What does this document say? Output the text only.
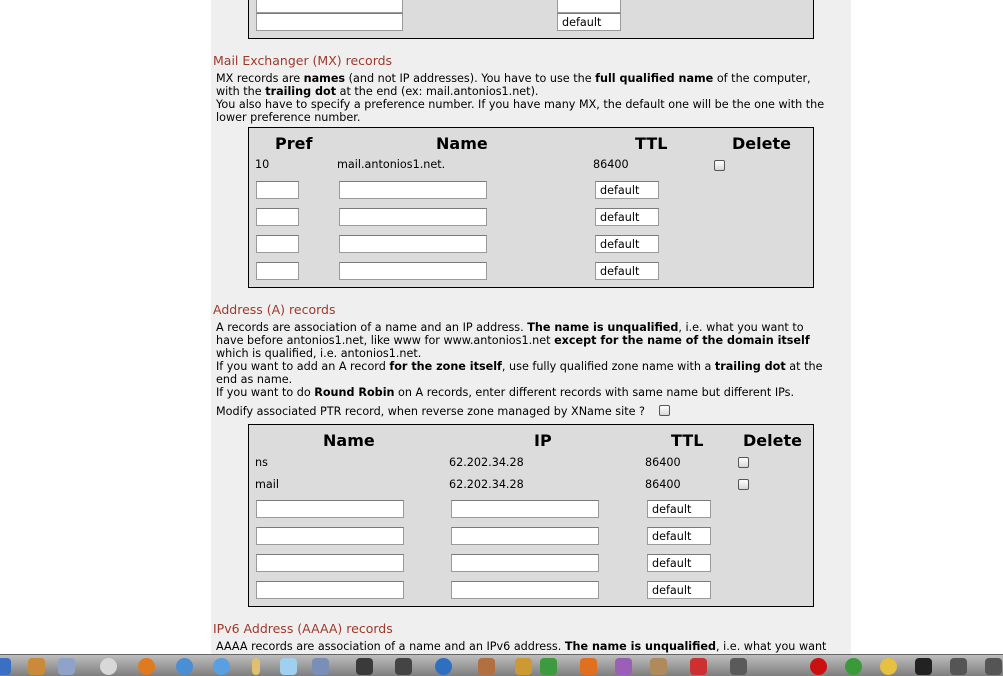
default
Mail Exchanger (MX) records
MX records are names (and not IP addresses). You have to use the full qualified name of the computer,
with the trailing dot at the end (ex: mail.antonios1.net).
You also have to specify a preference number. If you have many MX, the default one will be the one with the
lower preference number.
Pref	Name	TTL	Delete
10	mail.antonios1.net.	86400
default
default
default
default
Address (A) records
A records are association of a name and an IP address. The name is unqualified, i.e. what you want to
have before antonios1.net, like www for www.antonios1.net except for the name of the domain itself
which is qualified, i.e. antonios1.net.
If you want to add an A record for the zone itself, use fully qualified zone name with a trailing dot at the
end as name.
If you want to do Round Robin on A records, enter different records with same name but different IPs.
Modify associated PTR record, when reverse zone managed by XName site ?
Name	IP	TTL Delete
ns	62.202.34.28	86400
mail	62.202.34.28	86400
default
default
default
default
IPv6 Address (AAAA) records
AAAA records are association of a name and an IPv6 address. The name is unqualified, i.e. what you want
